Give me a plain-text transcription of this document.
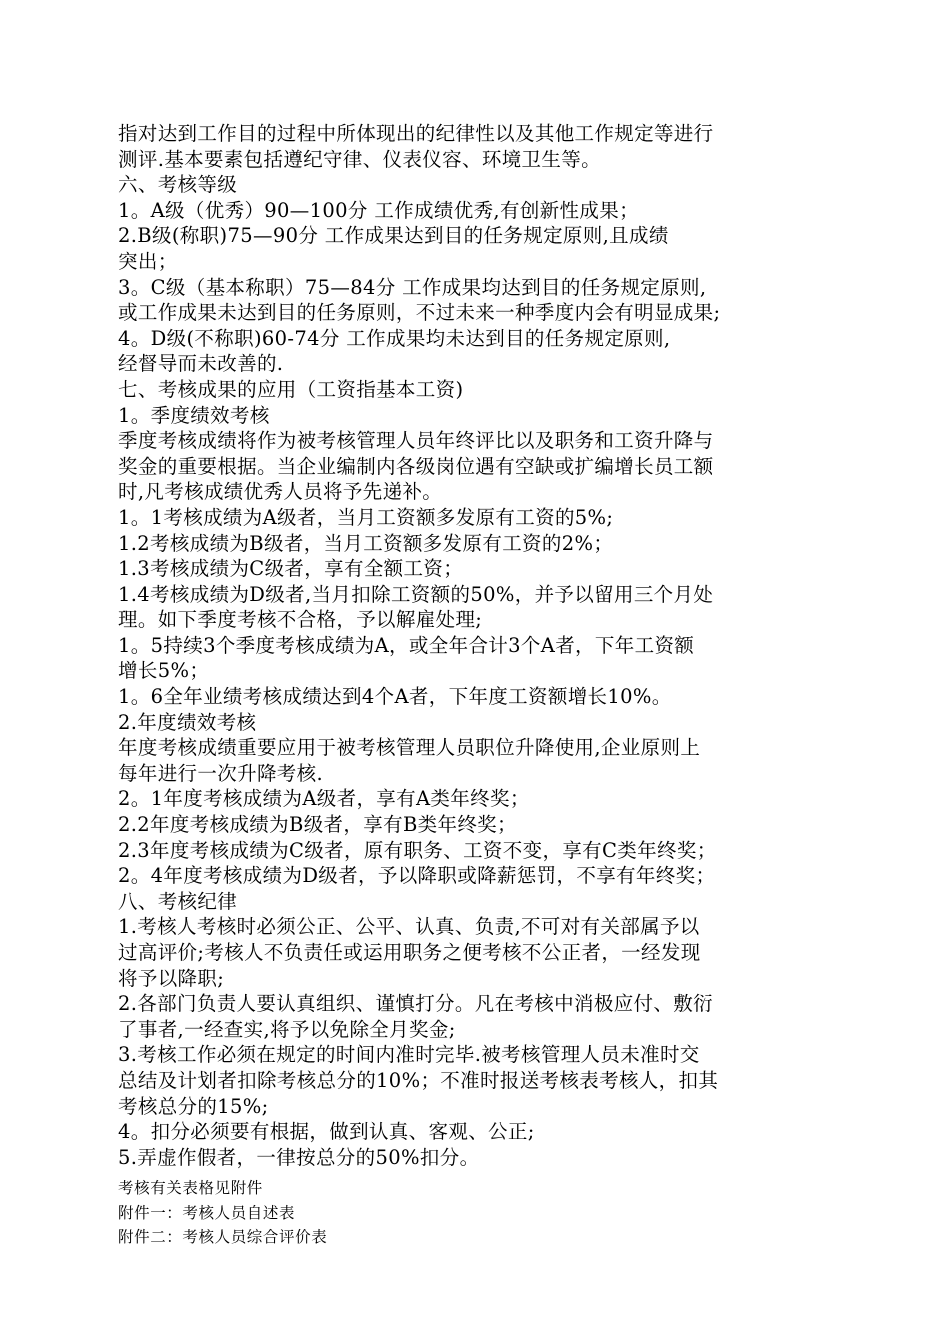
指对达到工作目的过程中所体现出的纪律性以及其他工作规定等进行
测评.基本要素包括遵纪守律、仪表仪容、环境卫生等。
六、考核等级
1。A级（优秀）90—100分 工作成绩优秀,有创新性成果；
2.B级(称职)75—90分 工作成果达到目的任务规定原则,且成绩
突出；
3。C级（基本称职）75—84分 工作成果均达到目的任务规定原则,
或工作成果未达到目的任务原则，不过未来一种季度内会有明显成果;
4。D级(不称职)60-74分 工作成果均未达到目的任务规定原则,
经督导而未改善的.
七、考核成果的应用（工资指基本工资)
1。季度绩效考核
季度考核成绩将作为被考核管理人员年终评比以及职务和工资升降与
奖金的重要根据。当企业编制内各级岗位遇有空缺或扩编增长员工额
时,凡考核成绩优秀人员将予先递补。
1。1考核成绩为A级者，当月工资额多发原有工资的5%;
1.2考核成绩为B级者，当月工资额多发原有工资的2%；
1.3考核成绩为C级者，享有全额工资；
1.4考核成绩为D级者,当月扣除工资额的50%，并予以留用三个月处
理。如下季度考核不合格，予以解雇处理;
1。5持续3个季度考核成绩为A，或全年合计3个A者，下年工资额
增长5%；
1。6全年业绩考核成绩达到4个A者，下年度工资额增长10%。
2.年度绩效考核
年度考核成绩重要应用于被考核管理人员职位升降使用,企业原则上
每年进行一次升降考核.
2。1年度考核成绩为A级者，享有A类年终奖；
2.2年度考核成绩为B级者，享有B类年终奖；
2.3年度考核成绩为C级者，原有职务、工资不变，享有C类年终奖；
2。4年度考核成绩为D级者，予以降职或降薪惩罚，不享有年终奖；
八、考核纪律
1.考核人考核时必须公正、公平、认真、负责,不可对有关部属予以
过高评价;考核人不负责任或运用职务之便考核不公正者，一经发现
将予以降职;
2.各部门负责人要认真组织、谨慎打分。凡在考核中消极应付、敷衍
了事者,一经查实,将予以免除全月奖金;
3.考核工作必须在规定的时间内准时完毕.被考核管理人员未准时交
总结及计划者扣除考核总分的10%；不准时报送考核表考核人，扣其
考核总分的15%;
4。扣分必须要有根据，做到认真、客观、公正;
5.弄虚作假者，一律按总分的50%扣分。
考核有关表格见附件
附件一：考核人员自述表
附件二：考核人员综合评价表
